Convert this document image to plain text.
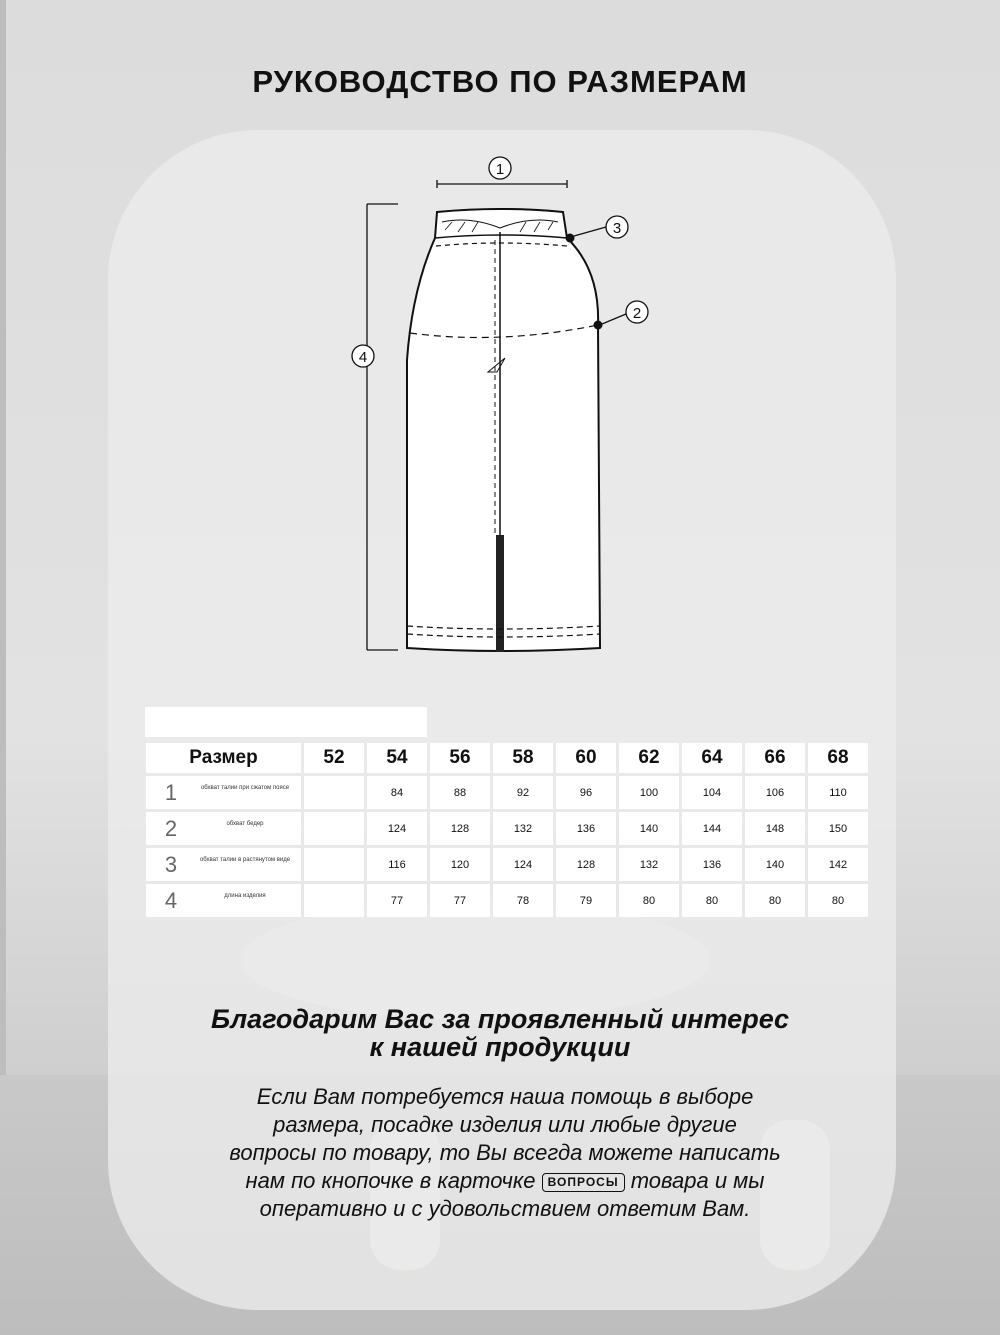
РУКОВОДСТВО ПО РАЗМЕРАМ
1
4
3
2
Размер	52	54	56	58	60	62	64	66	68

1 обхват талии при сжатом поясе		84	88	92	96	100	104	106	110

2 обхват бедер		124	128	132	136	140	144	148	150

3 обхват талии в растянутом виде		116	120	124	128	132	136	140	142

4 длина изделия		77	77	78	79	80	80	80	80
Благодарим Вас за проявленный интерес
к нашей продукции
Если Вам потребуется наша помощь в выборе
размера, посадке изделия или любые другие
вопросы по товару, то Вы всегда можете написать
нам по кнопочке в карточке ВОПРОСЫ товара и мы
оперативно и с удовольствием ответим Вам.
